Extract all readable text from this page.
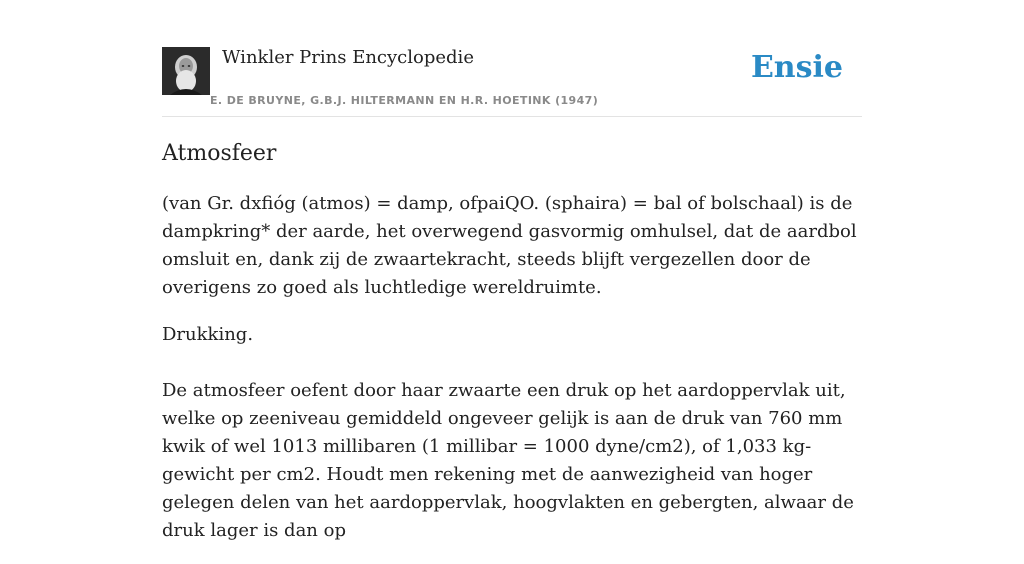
Winkler Prins Encyclopedie
E. DE BRUYNE, G.B.J. HILTERMANN EN H.R. HOETINK (1947)
Ensie
Atmosfeer

(van Gr. dxfióg (atmos) = damp, ofpaiQO. (sphaira) = bal of bolschaal) is de dampkring* der aarde, het overwegend gasvormig omhulsel, dat de aardbol omsluit en, dank zij de zwaartekracht, steeds blijft vergezellen door de overigens zo goed als luchtledige wereldruimte.

Drukking.

De atmosfeer oefent door haar zwaarte een druk op het aardoppervlak uit, welke op zeeniveau gemiddeld ongeveer gelijk is aan de druk van 760 mm kwik of wel 1013 millibaren (1 millibar = 1000 dyne/cm2), of 1,033 kg-gewicht per cm2. Houdt men rekening met de aanwezigheid van hoger gelegen delen van het aardoppervlak, hoogvlakten en gebergten, alwaar de druk lager is dan op
